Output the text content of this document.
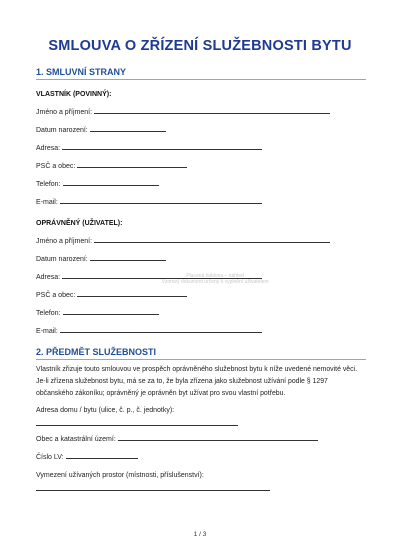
SMLOUVA O ZŘÍZENÍ SLUŽEBNOSTI BYTU
1. SMLUVNÍ STRANY
VLASTNÍK (POVINNÝ):
Jméno a příjmení:
Datum narození:
Adresa:
PSČ a obec:
Telefon:
E-mail:
OPRÁVNĚNÝ (UŽIVATEL):
Jméno a příjmení:
Datum narození:
Adresa:
PSČ a obec:
Telefon:
E-mail:
Placená šablona – náhled
Vzorový dokument určený k vyplnění uživatelem
2. PŘEDMĚT SLUŽEBNOSTI
Vlastník zřizuje touto smlouvou ve prospěch oprávněného služebnost bytu k níže uvedené nemovité věci. Je-li zřízena služebnost bytu, má se za to, že byla zřízena jako služebnost užívání podle § 1297 občanského zákoníku; oprávněný je oprávněn byt užívat pro svou vlastní potřebu.
Adresa domu / bytu (ulice, č. p., č. jednotky):
Obec a katastrální území:
Číslo LV:
Vymezení užívaných prostor (místnosti, příslušenství):
1 / 3
